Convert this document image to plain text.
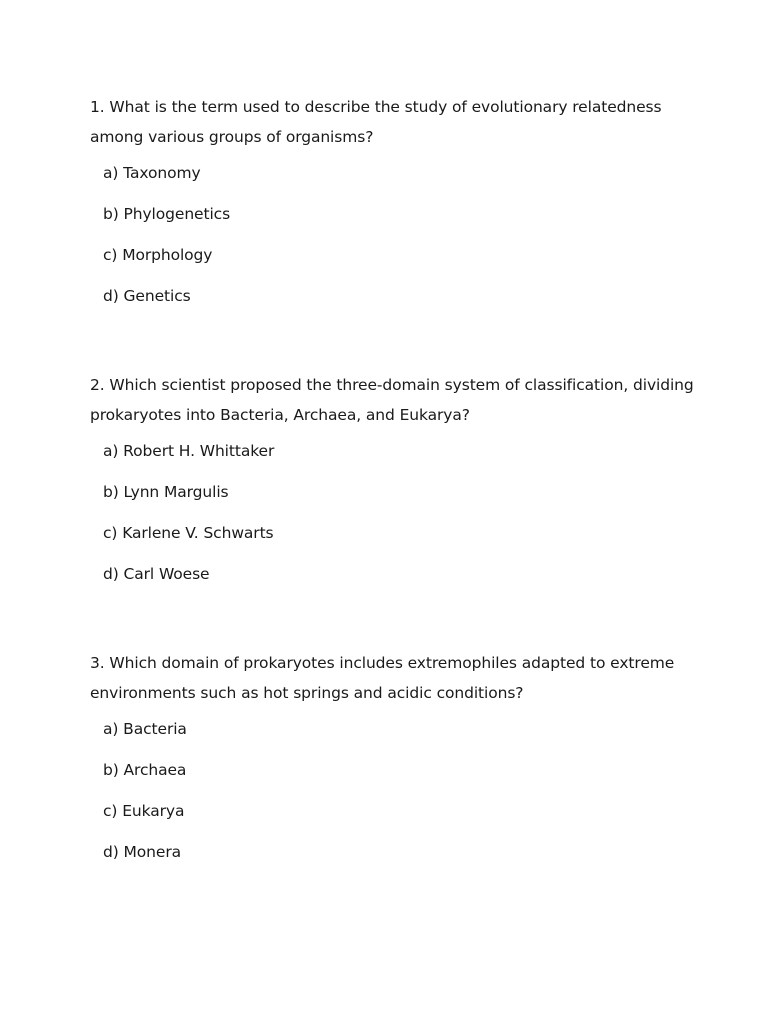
1. What is the term used to describe the study of evolutionary relatedness
among various groups of organisms?
a) Taxonomy
b) Phylogenetics
c) Morphology
d) Genetics
2. Which scientist proposed the three-domain system of classification, dividing
prokaryotes into Bacteria, Archaea, and Eukarya?
a) Robert H. Whittaker
b) Lynn Margulis
c) Karlene V. Schwarts
d) Carl Woese
3. Which domain of prokaryotes includes extremophiles adapted to extreme
environments such as hot springs and acidic conditions?
a) Bacteria
b) Archaea
c) Eukarya
d) Monera
